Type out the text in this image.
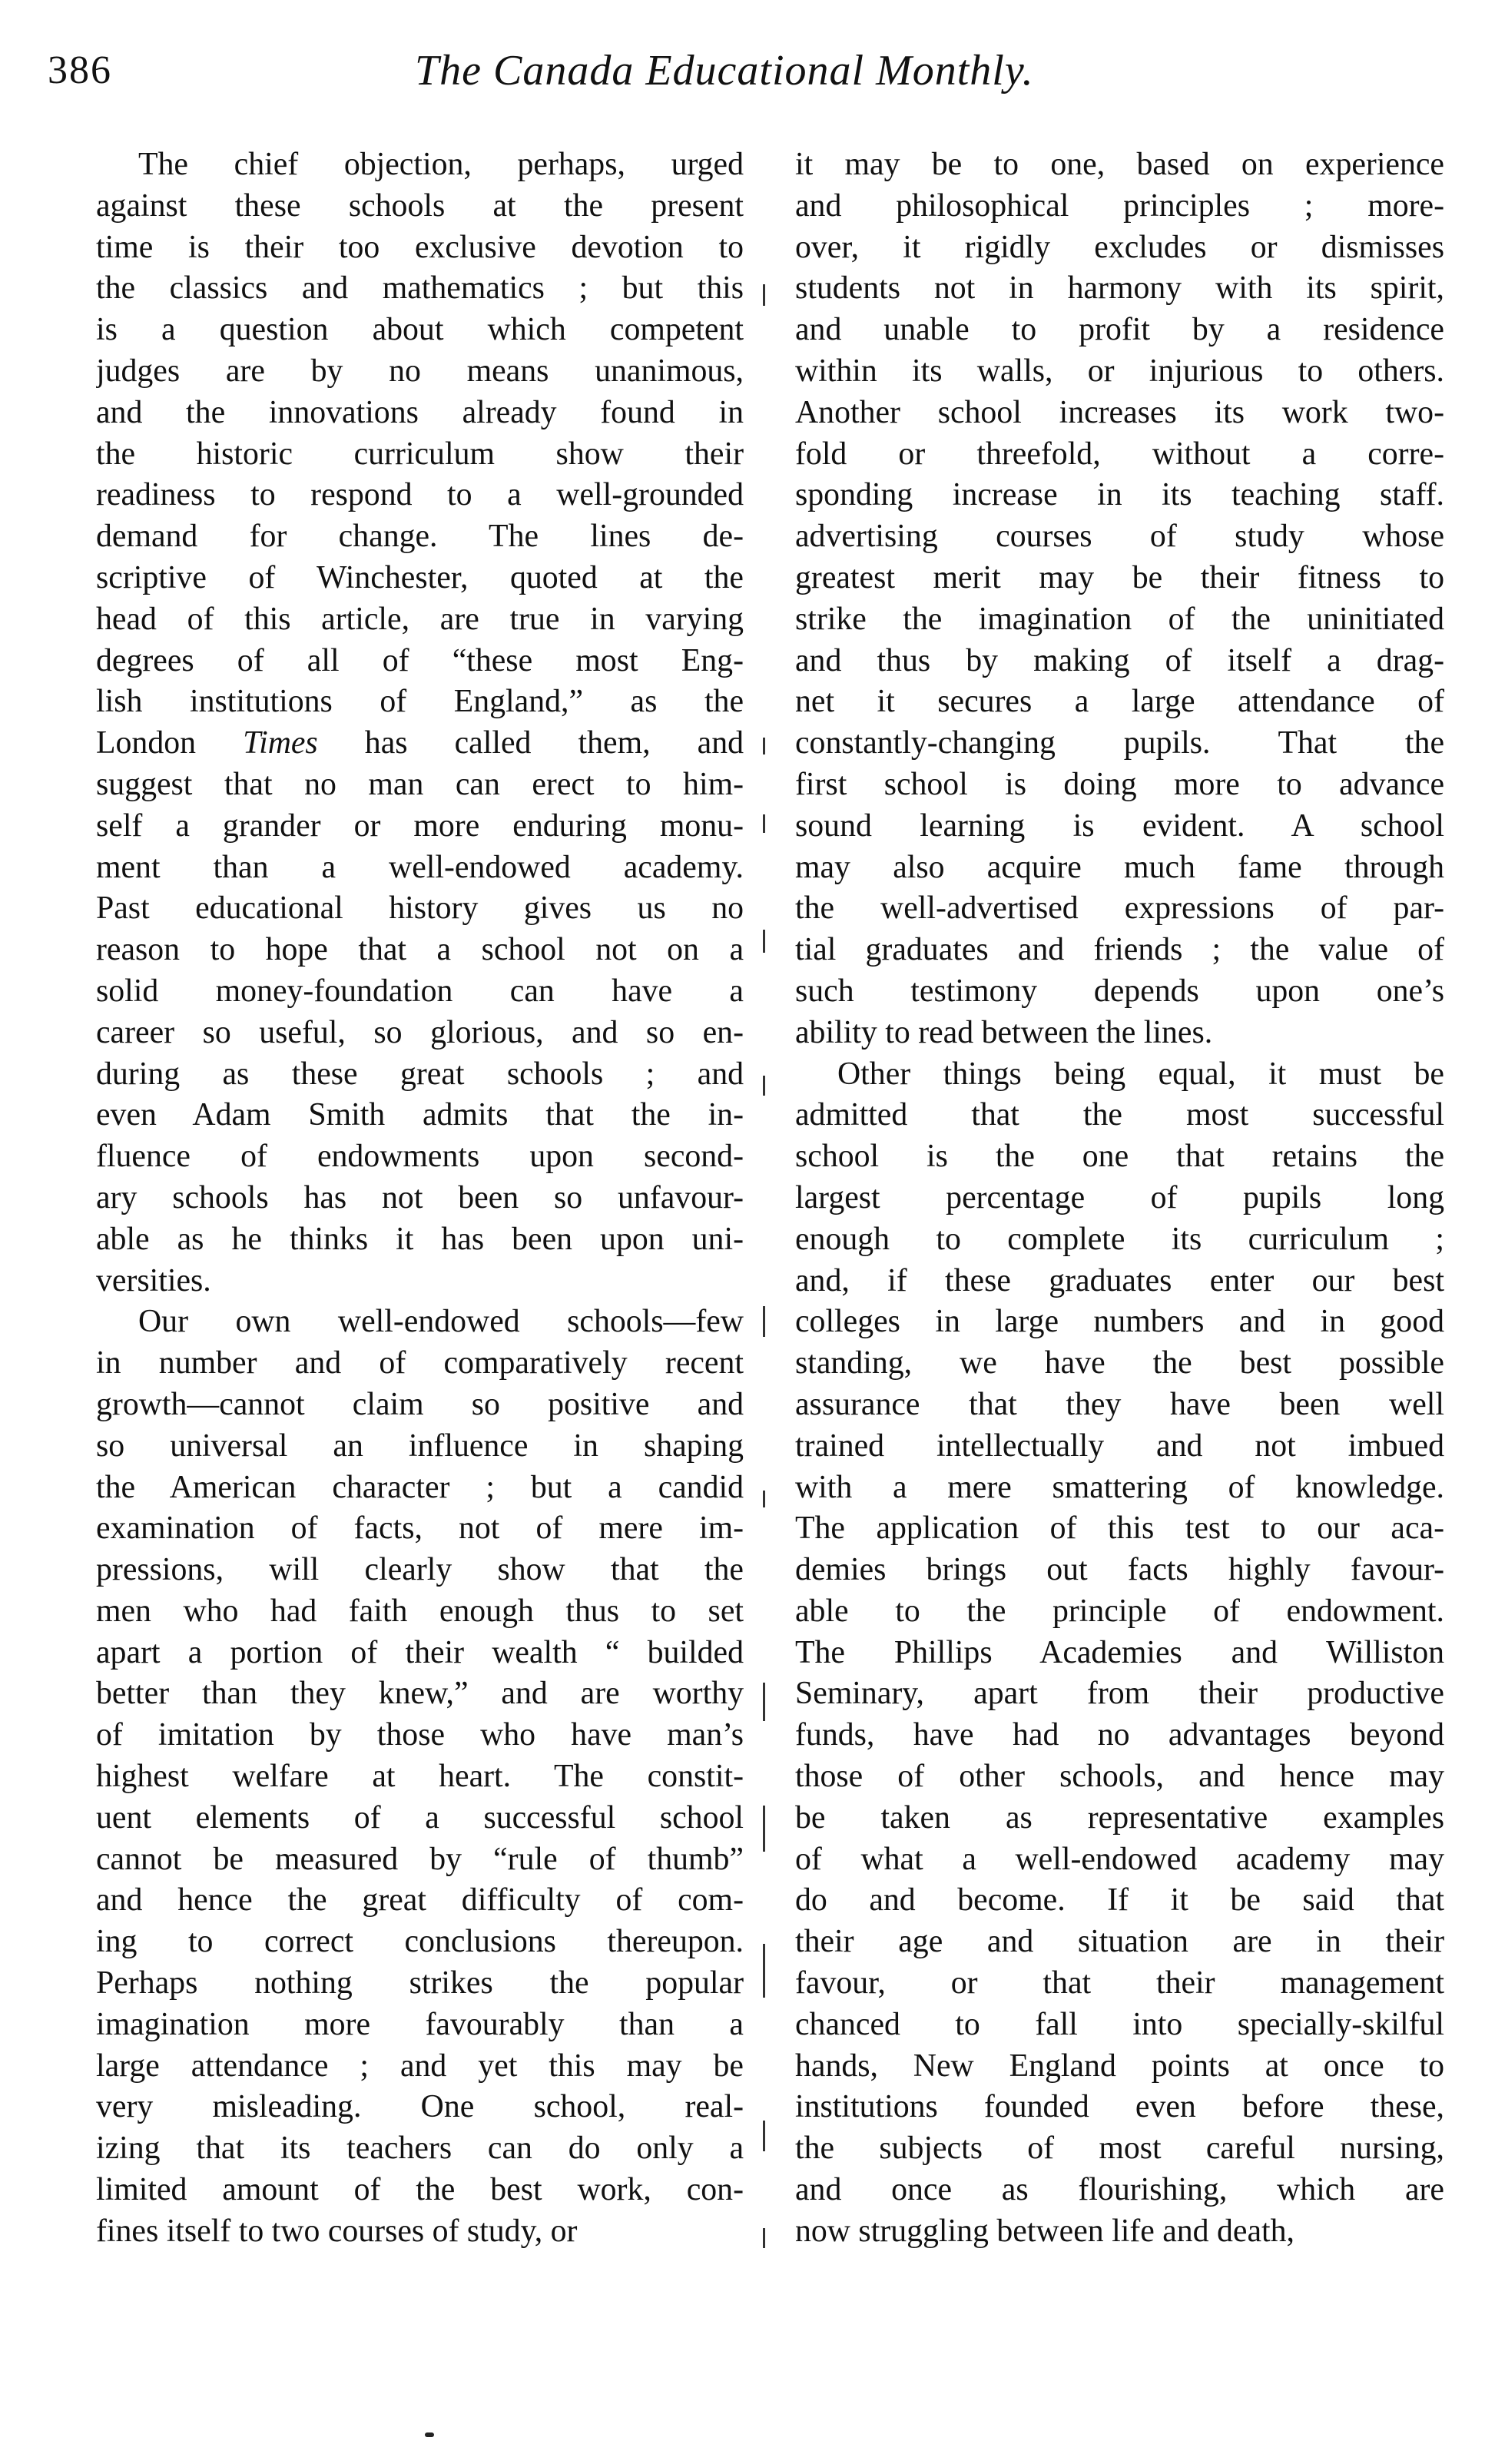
386	The Canada Educational Monthly.
The chief objection, perhaps, urged
against these schools at the present
time is their too exclusive devotion to
the classics and mathematics ; but this
is a question about which competent
judges are by no means unanimous,
and the innovations already found in
the historic curriculum show their
readiness to respond to a well-grounded
demand for change. The lines de-
scriptive of Winchester, quoted at the
head of this article, are true in varying
degrees of all of “these most Eng-
lish institutions of England,” as the
London Times has called them, and
suggest that no man can erect to him-
self a grander or more enduring monu-
ment than a well-endowed academy.
Past educational history gives us no
reason to hope that a school not on a
solid money-foundation can have a
career so useful, so glorious, and so en-
during as these great schools ; and
even Adam Smith admits that the in-
fluence of endowments upon second-
ary schools has not been so unfavour-
able as he thinks it has been upon uni-
versities.
Our own well-endowed schools—few
in number and of comparatively recent
growth—cannot claim so positive and
so universal an influence in shaping
the American character ; but a candid
examination of facts, not of mere im-
pressions, will clearly show that the
men who had faith enough thus to set
apart a portion of their wealth “ builded
better than they knew,” and are worthy
of imitation by those who have man’s
highest welfare at heart. The constit-
uent elements of a successful school
cannot be measured by “rule of thumb”
and hence the great difficulty of com-
ing to correct conclusions thereupon.
Perhaps nothing strikes the popular
imagination more favourably than a
large attendance ; and yet this may be
very misleading. One school, real-
izing that its teachers can do only a
limited amount of the best work, con-
fines itself to two courses of study, or
it may be to one, based on experience
and philosophical principles ; more-
over, it rigidly excludes or dismisses
students not in harmony with its spirit,
and unable to profit by a residence
within its walls, or injurious to others.
Another school increases its work two-
fold or threefold, without a corre-
sponding increase in its teaching staff.
advertising courses of study whose
greatest merit may be their fitness to
strike the imagination of the uninitiated
and thus by making of itself a drag-
net it secures a large attendance of
constantly-changing pupils. That the
first school is doing more to advance
sound learning is evident. A school
may also acquire much fame through
the well-advertised expressions of par-
tial graduates and friends ; the value of
such testimony depends upon one’s
ability to read between the lines.
Other things being equal, it must be
admitted that the most successful
school is the one that retains the
largest percentage of pupils long
enough to complete its curriculum ;
and, if these graduates enter our best
colleges in large numbers and in good
standing, we have the best possible
assurance that they have been well
trained intellectually and not imbued
with a mere smattering of knowledge.
The application of this test to our aca-
demies brings out facts highly favour-
able to the principle of endowment.
The Phillips Academies and Williston
Seminary, apart from their productive
funds, have had no advantages beyond
those of other schools, and hence may
be taken as representative examples
of what a well-endowed academy may
do and become. If it be said that
their age and situation are in their
favour, or that their management
chanced to fall into specially-skilful
hands, New England points at once to
institutions founded even before these,
the subjects of most careful nursing,
and once as flourishing, which are
now struggling between life and death,
